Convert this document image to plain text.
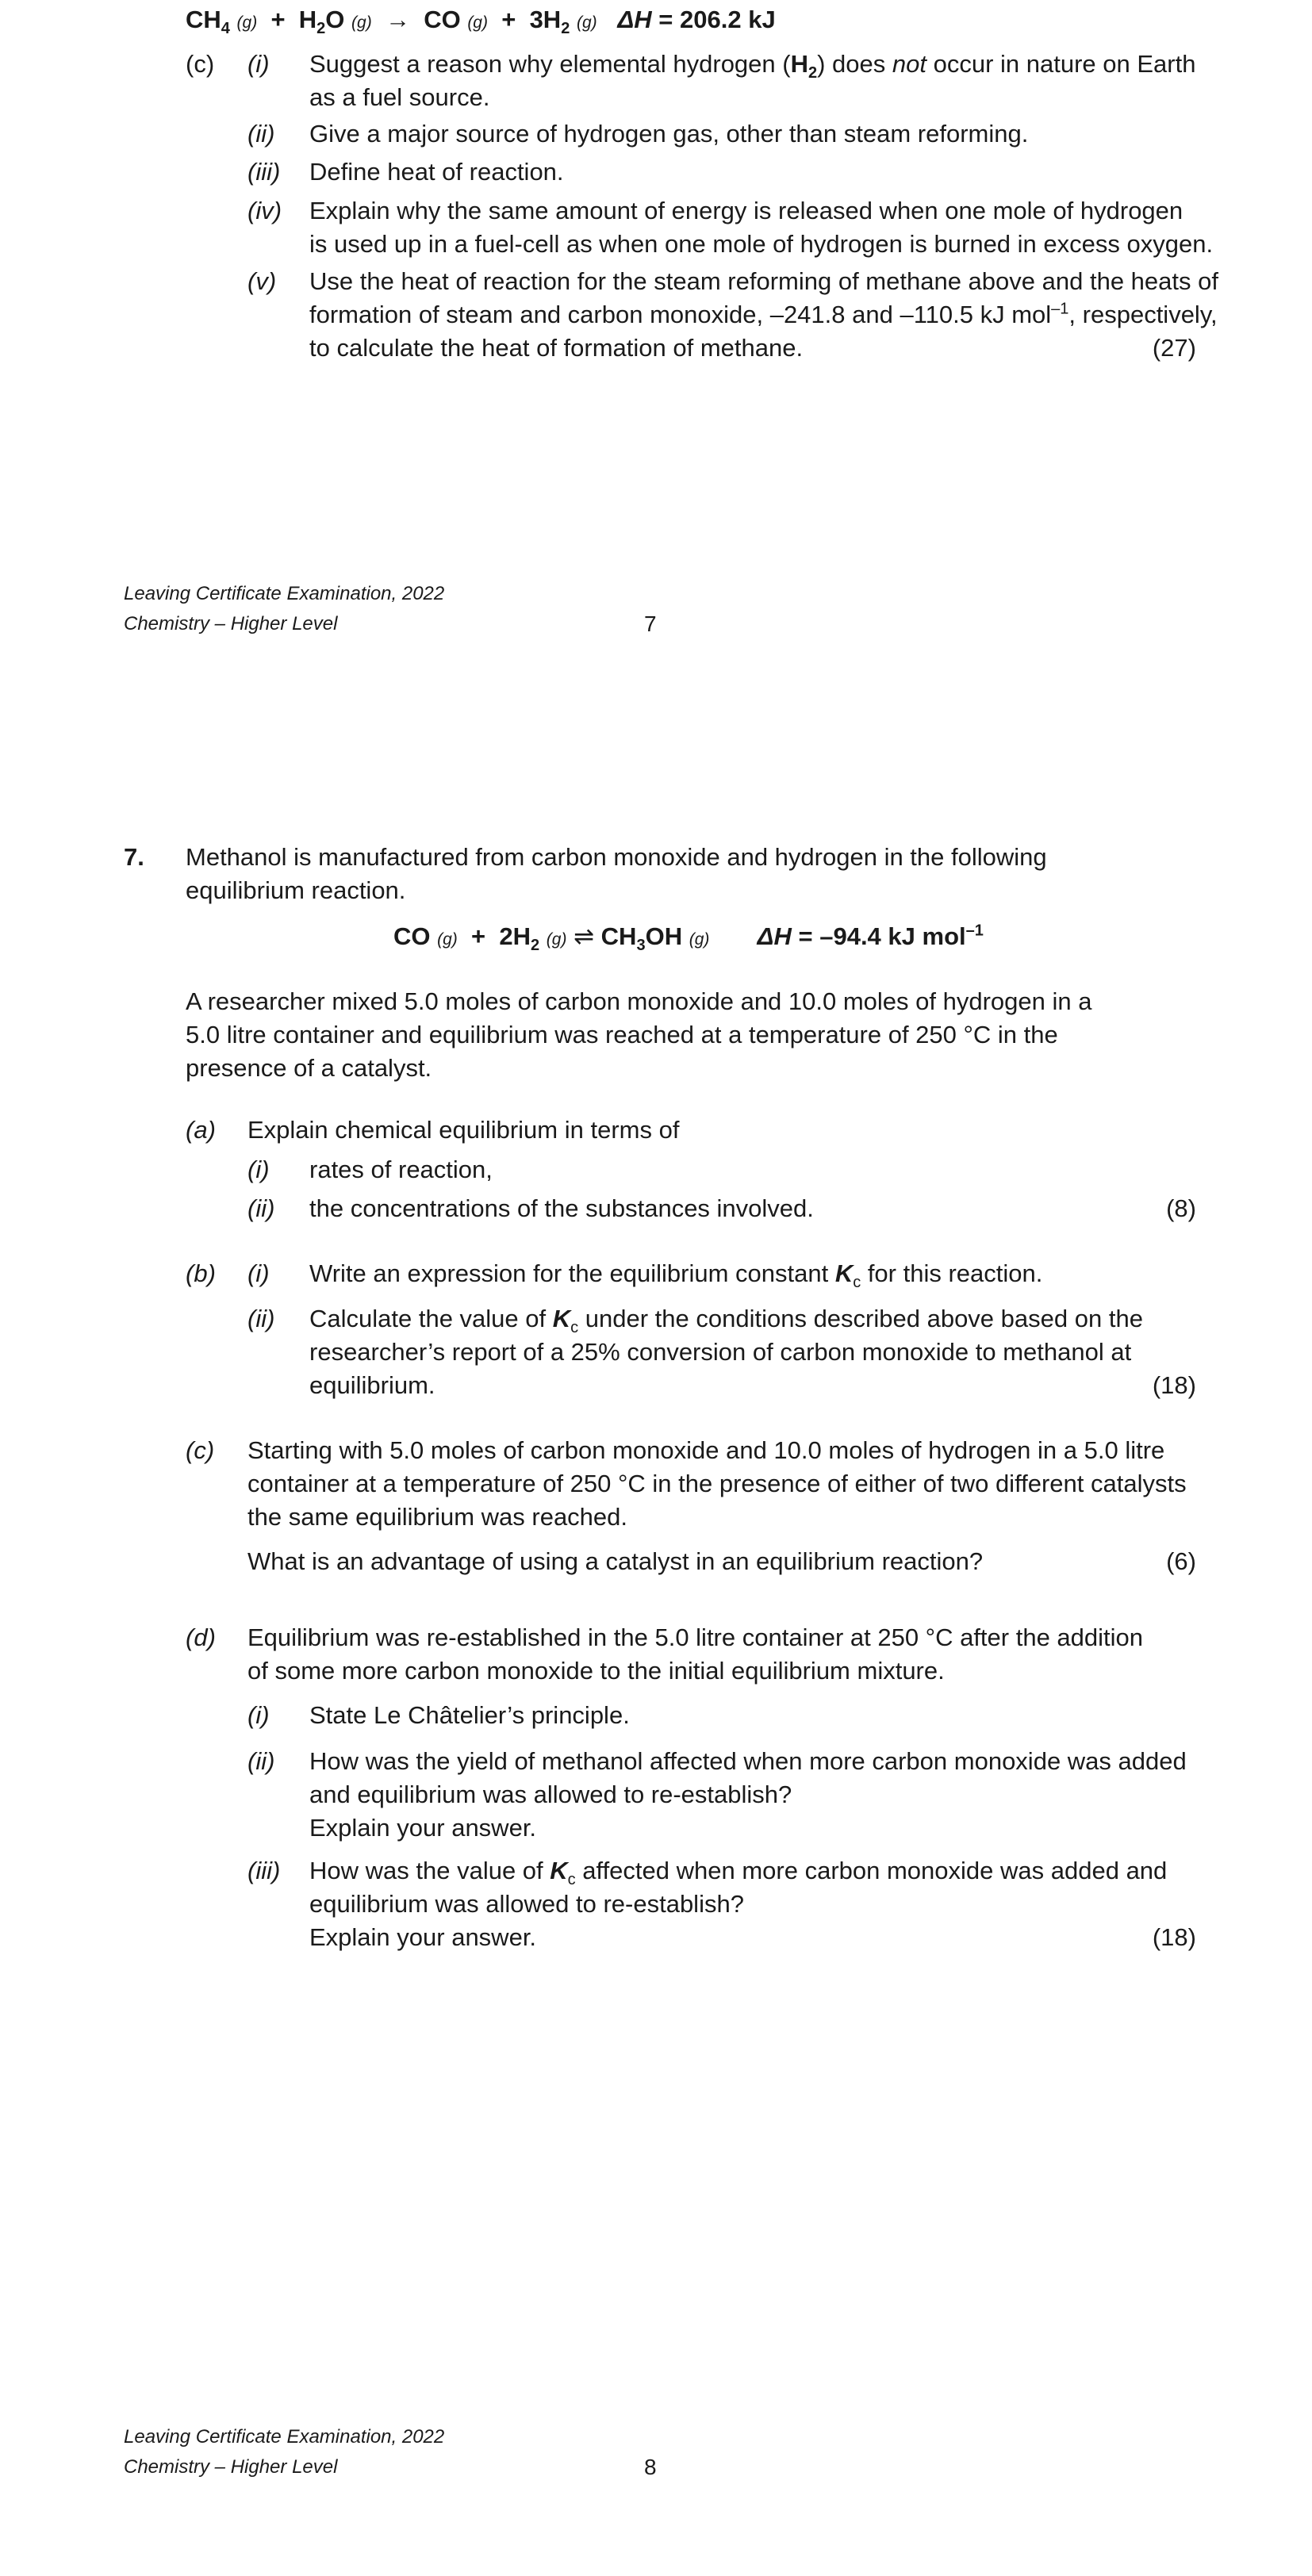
$CH_4$ $(g) + H_2O$ (g) → CO $(g) + 3H_2$ (g) ΔH = 206.2 kJ
(c) (i) Suggest a reason why elemental hydrogen $(H_2)$ does not occur in nature on Earth
as a fuel source.
(ii) Give a major source of hydrogen gas, other than steam reforming.
(iii) Define heat of reaction.
(iv) Explain why the same amount of energy is released when one mole of hydrogen
is used up in a fuel-cell as when one mole of hydrogen is burned in excess oxygen.
(v) Use the heat of reaction for the steam reforming of methane above and the heats of
formation of steam and carbon monoxide, –241.8 and –110.5 kJ mol$^{-1}$, respectively,
to calculate the heat of formation of methane.	(27)
Leaving Certificate Examination, 2022
Chemistry – Higher Level	7
7. Methanol is manufactured from carbon monoxide and hydrogen in the following
equilibrium reaction.
CO $(g) + 2H_2$ (g) ⇌ $CH_3OH$ (g) ΔH = –94.4 kJ mol$^{-1}$
A researcher mixed 5.0 moles of carbon monoxide and 10.0 moles of hydrogen in a
5.0 litre container and equilibrium was reached at a temperature of 250 °C in the
presence of a catalyst.
(a) Explain chemical equilibrium in terms of
(i) rates of reaction,
(ii) the concentrations of the substances involved.	(8)
(b) (i) Write an expression for the equilibrium constant $K_c$ for this reaction.
(ii) Calculate the value of $K_c$ under the conditions described above based on the
researcher’s report of a 25% conversion of carbon monoxide to methanol at
equilibrium.	(18)
(c) Starting with 5.0 moles of carbon monoxide and 10.0 moles of hydrogen in a 5.0 litre
container at a temperature of 250 °C in the presence of either of two different catalysts
the same equilibrium was reached.
What is an advantage of using a catalyst in an equilibrium reaction?	(6)
(d) Equilibrium was re-established in the 5.0 litre container at 250 °C after the addition
of some more carbon monoxide to the initial equilibrium mixture.
(i) State Le Châtelier’s principle.
(ii) How was the yield of methanol affected when more carbon monoxide was added
and equilibrium was allowed to re-establish?
Explain your answer.
(iii) How was the value of $K_c$ affected when more carbon monoxide was added and
equilibrium was allowed to re-establish?
Explain your answer.	(18)
Leaving Certificate Examination, 2022
Chemistry – Higher Level	8
